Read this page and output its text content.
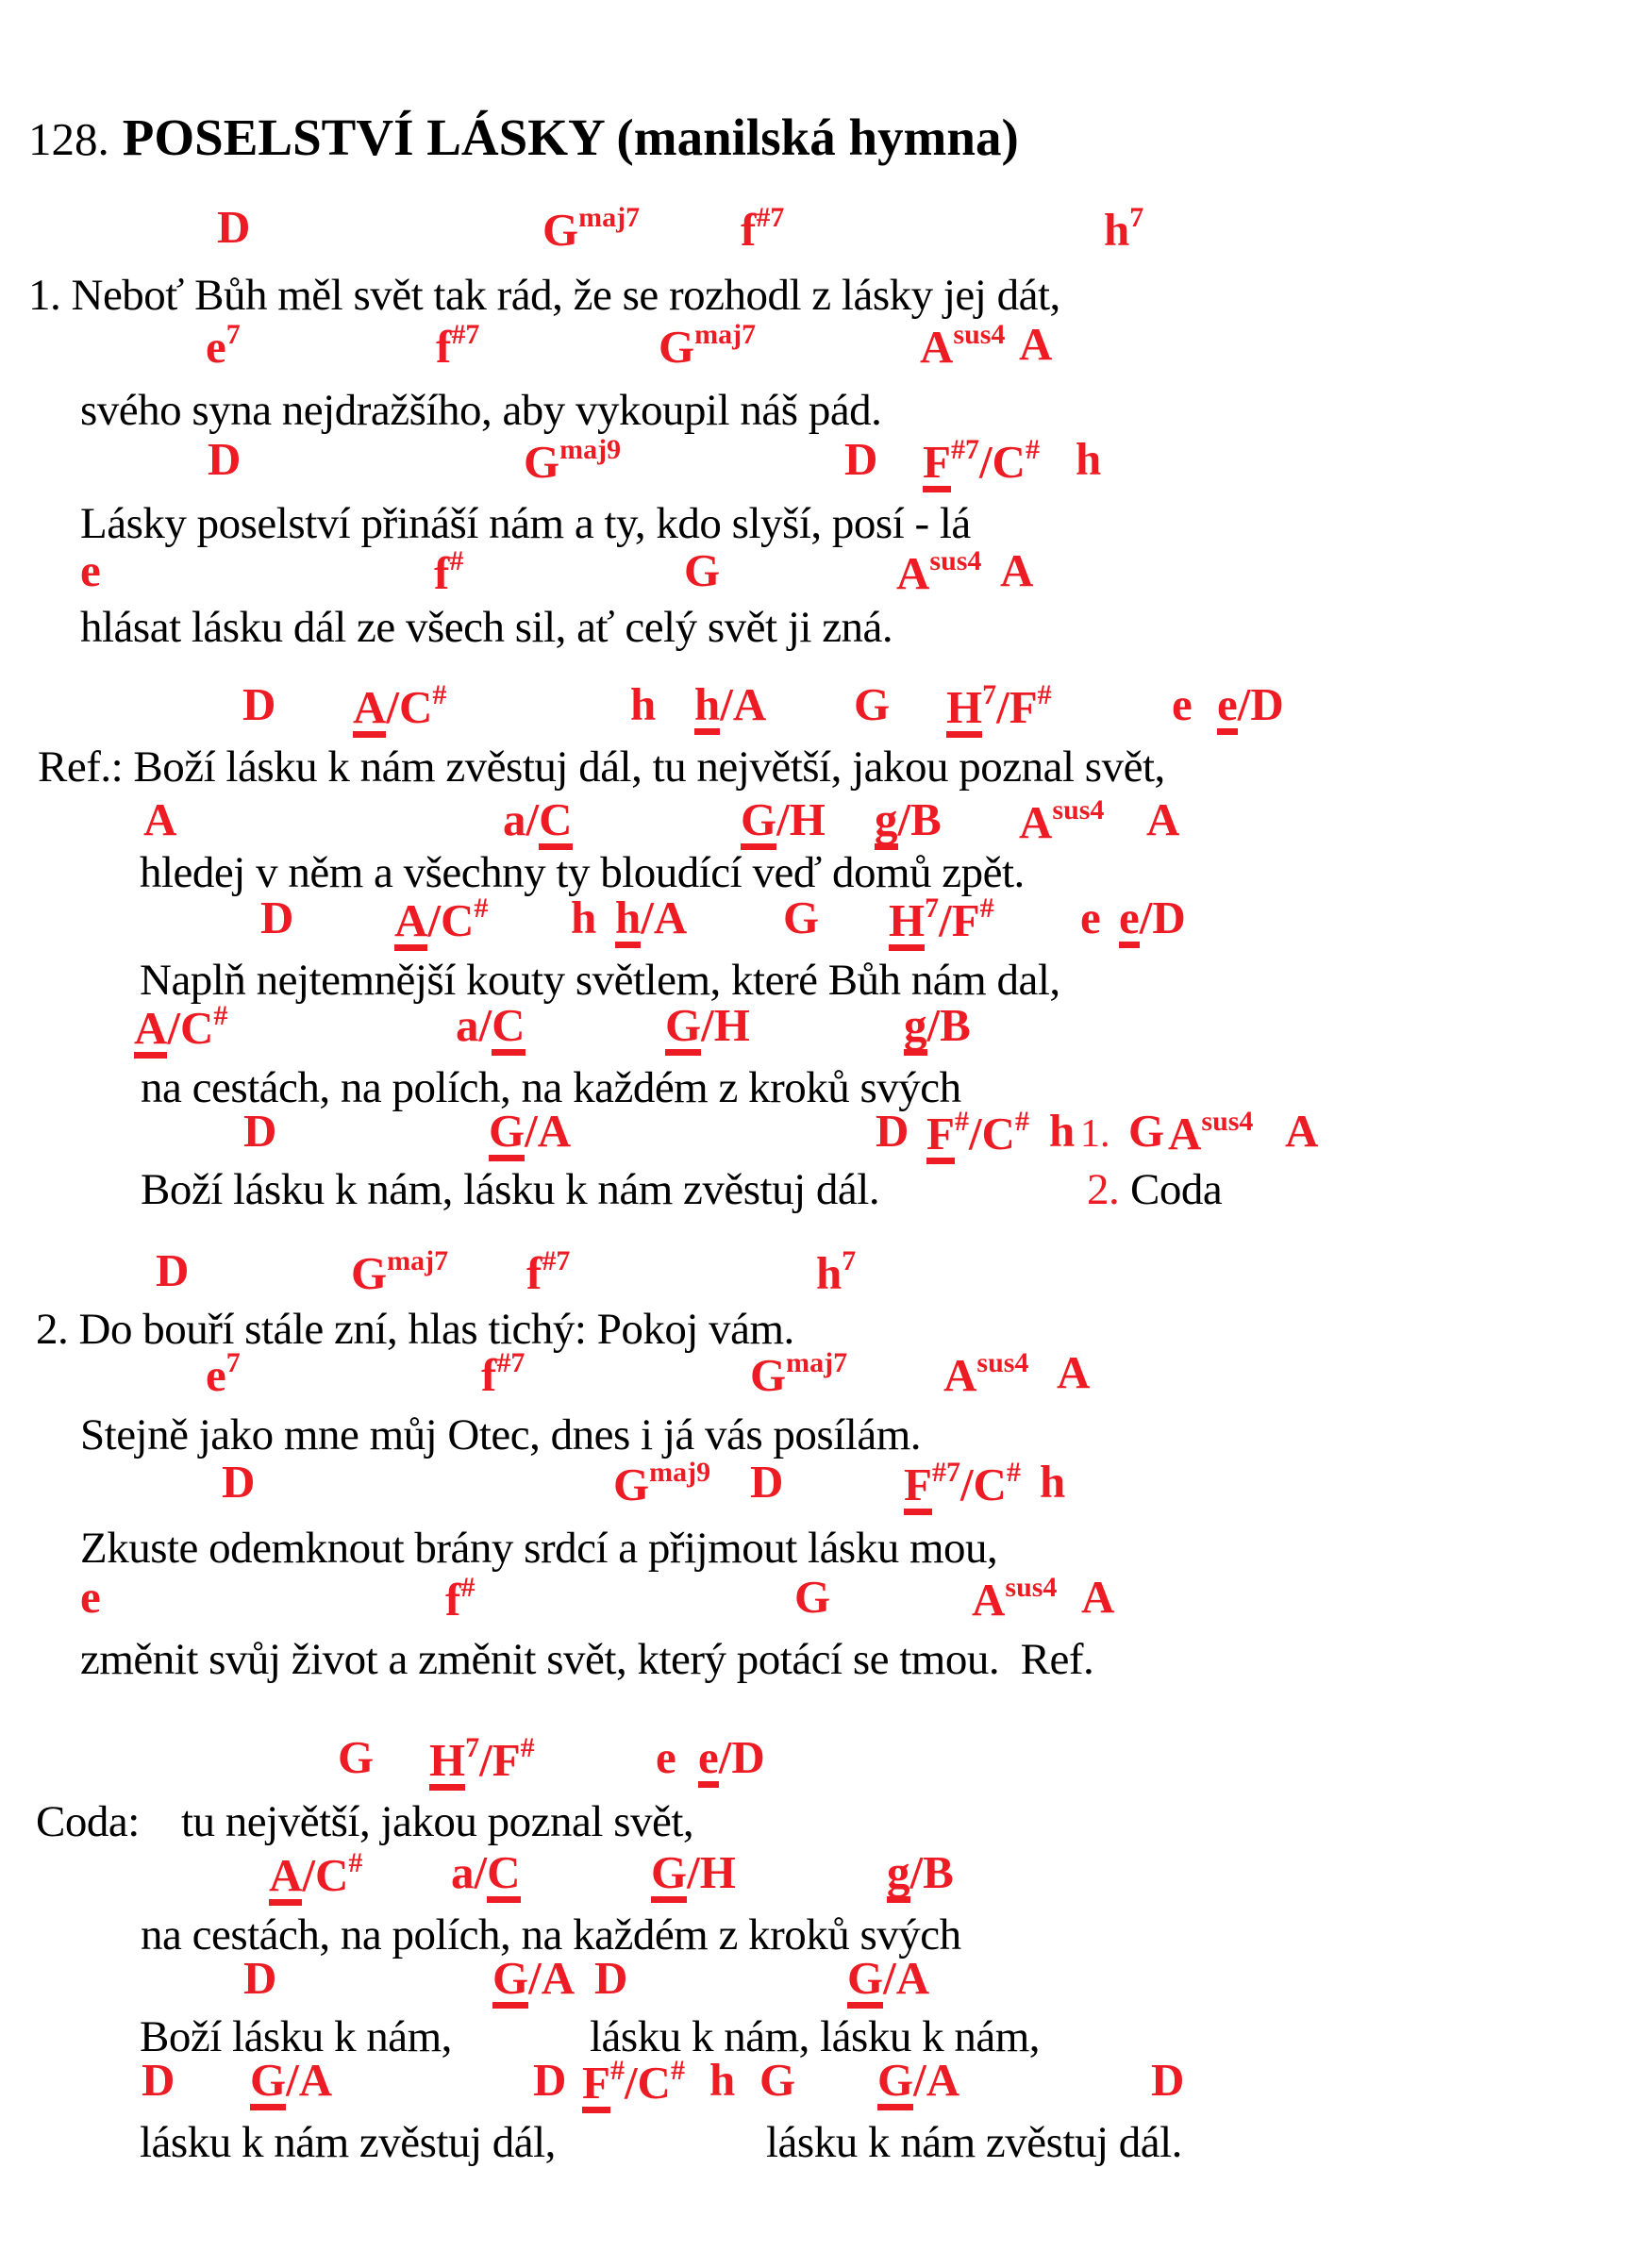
128. POSELSTVÍ LÁSKY (manilská hymna)
D	$G^{maj7}$ $f^{\#7}$	$h^7$
1. Neboť Bůh měl svět tak rád, že se rozhodl z lásky jej dát,
$e^7$	$f^{\#7}$	$G^{maj7}$	$A^{sus4}$ A
svého syna nejdražšího, aby vykoupil náš pád.
D	$G^{maj9}$	D $F^{\#7}/C^{\#}$ h
Lásky poselství přináší nám a ty, kdo slyší, posí - lá
e	f#	G	$A^{sus4}$ A
hlásat lásku dál ze všech sil, ať celý svět ji zná.
D A/C#	h h/A G $H^7/F^{\#}$	e e/D
Ref.: Boží lásku k nám zvěstuj dál, tu největší, jakou poznal svět,
A	a/C	G/H g/B $A^{sus4}$ A
hledej v něm a všechny ty bloudící veď domů zpět.
D A/C# h h/A G $H^7/F^{\#}$ e e/D
Naplň nejtemnější kouty světlem, které Bůh nám dal,
A/C#	a/C	G/H	g/B
na cestách, na polích, na každém z kroků svých
D	G/A	D F#/C# h 1. G $A^{sus4}$ A
Boží lásku k nám, lásku k nám zvěstuj dál.	2. Coda
D	$G^{maj7}$ $f^{\#7}$	$h^7$
2. Do bouří stále zní, hlas tichý: Pokoj vám.
$e^7$	$f^{\#7}$	$G^{maj7}$ $A^{sus4}$ A
Stejně jako mne můj Otec, dnes i já vás posílám.
D	$G^{maj9}$ D	$F^{\#7}/C^{\#}$ h
Zkuste odemknout brány srdcí a přijmout lásku mou,
e	f#	G	$A^{sus4}$ A
změnit svůj život a změnit svět, který potácí se tmou.  Ref.
G $H^7/F^{\#}$	e e/D
Coda: tu největší, jakou poznal svět,
A/C# a/C	G/H	g/B
na cestách, na polích, na každém z kroků svých
D	G/A D	G/A
Boží lásku k nám,	lásku k nám, lásku k nám,
D G/A	D F#/C# h G G/A	D
lásku k nám zvěstuj dál,	lásku k nám zvěstuj dál.
